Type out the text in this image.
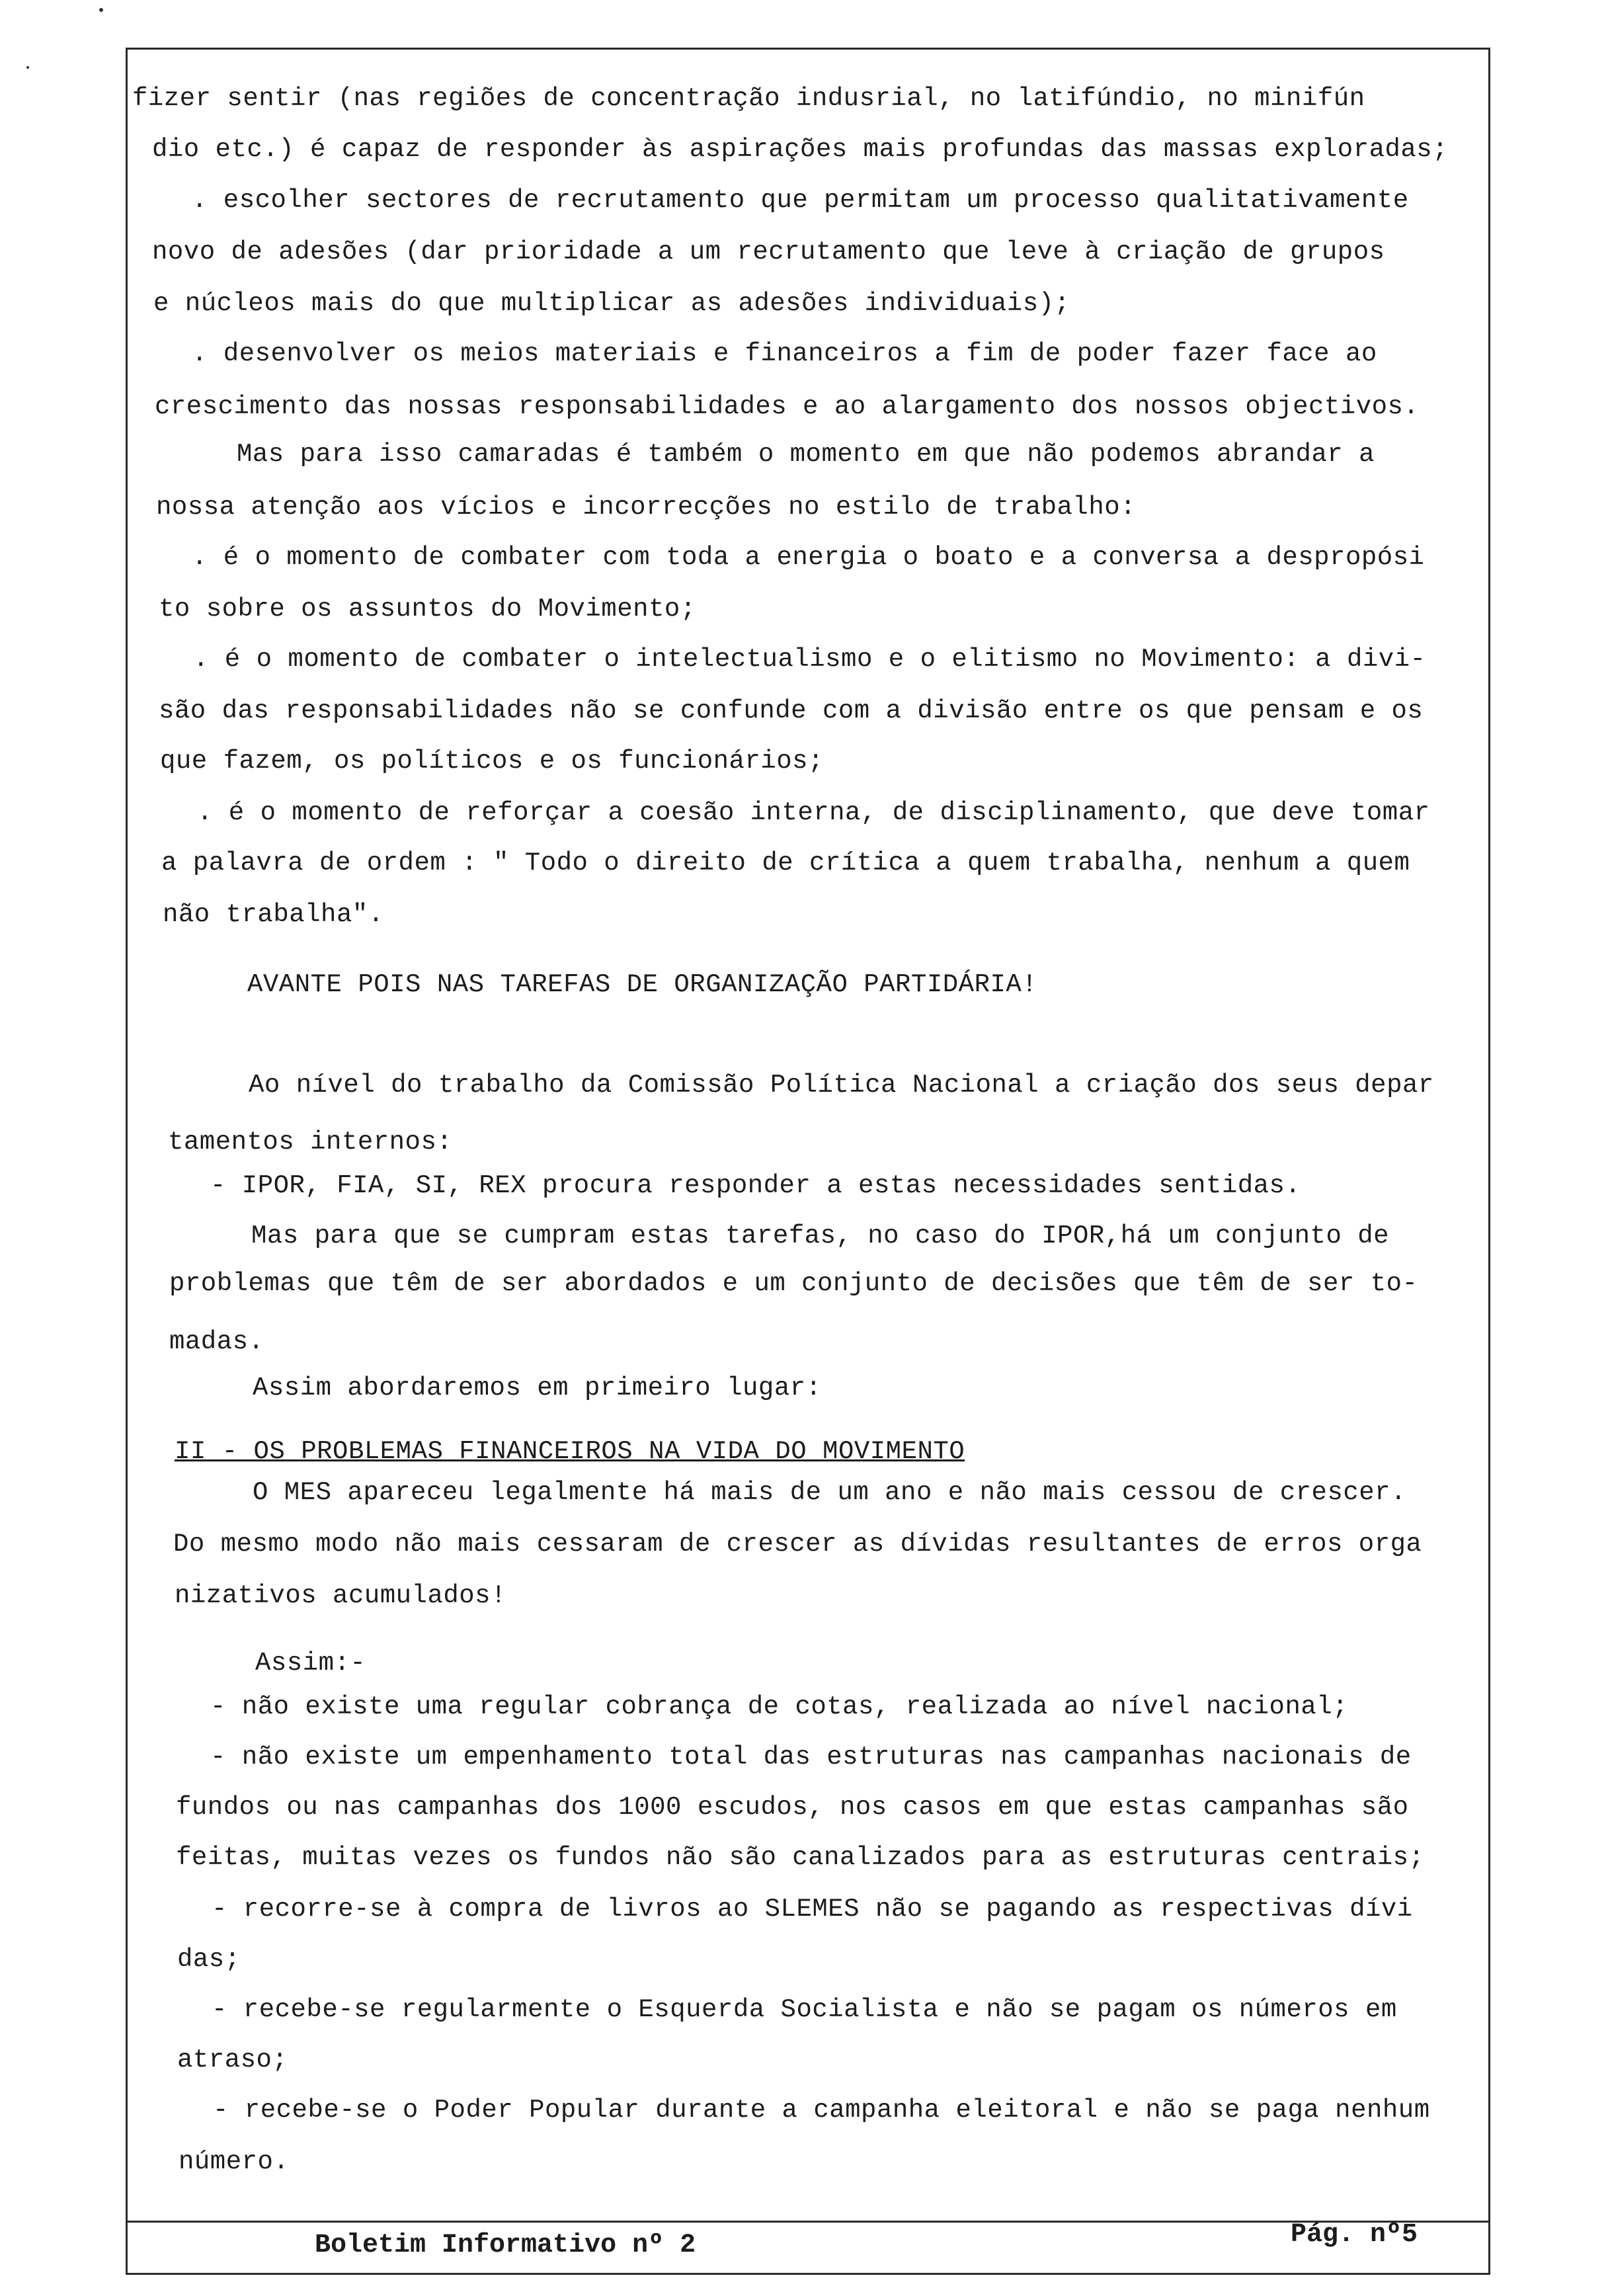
fizer sentir (nas regiões de concentração indusrial, no latifúndio, no minifún
dio etc.) é capaz de responder às aspirações mais profundas das massas exploradas;
. escolher sectores de recrutamento que permitam um processo qualitativamente
novo de adesões (dar prioridade a um recrutamento que leve à criação de grupos
e núcleos mais do que multiplicar as adesões individuais);
. desenvolver os meios materiais e financeiros a fim de poder fazer face ao
crescimento das nossas responsabilidades e ao alargamento dos nossos objectivos.
Mas para isso camaradas é também o momento em que não podemos abrandar a
nossa atenção aos vícios e incorrecções no estilo de trabalho:
. é o momento de combater com toda a energia o boato e a conversa a despropósi
to sobre os assuntos do Movimento;
. é o momento de combater o intelectualismo e o elitismo no Movimento: a divi-
são das responsabilidades não se confunde com a divisão entre os que pensam e os
que fazem, os políticos e os funcionários;
. é o momento de reforçar a coesão interna, de disciplinamento, que deve tomar
a palavra de ordem : " Todo o direito de crítica a quem trabalha, nenhum a quem
não trabalha".
AVANTE POIS NAS TAREFAS DE ORGANIZAÇÃO PARTIDÁRIA!
Ao nível do trabalho da Comissão Política Nacional a criação dos seus depar
tamentos internos:
- IPOR, FIA, SI, REX procura responder a estas necessidades sentidas.
Mas para que se cumpram estas tarefas, no caso do IPOR,há um conjunto de
problemas que têm de ser abordados e um conjunto de decisões que têm de ser to-
madas.
Assim abordaremos em primeiro lugar:
II - OS PROBLEMAS FINANCEIROS NA VIDA DO MOVIMENTO
O MES apareceu legalmente há mais de um ano e não mais cessou de crescer.
Do mesmo modo não mais cessaram de crescer as dívidas resultantes de erros orga
nizativos acumulados!
Assim:-
- não existe uma regular cobrança de cotas, realizada ao nível nacional;
- não existe um empenhamento total das estruturas nas campanhas nacionais de
fundos ou nas campanhas dos 1000 escudos, nos casos em que estas campanhas são
feitas, muitas vezes os fundos não são canalizados para as estruturas centrais;
- recorre-se à compra de livros ao SLEMES não se pagando as respectivas dívi
das;
- recebe-se regularmente o Esquerda Socialista e não se pagam os números em
atraso;
- recebe-se o Poder Popular durante a campanha eleitoral e não se paga nenhum
número.
Boletim Informativo nº 2	Pág. nº5
